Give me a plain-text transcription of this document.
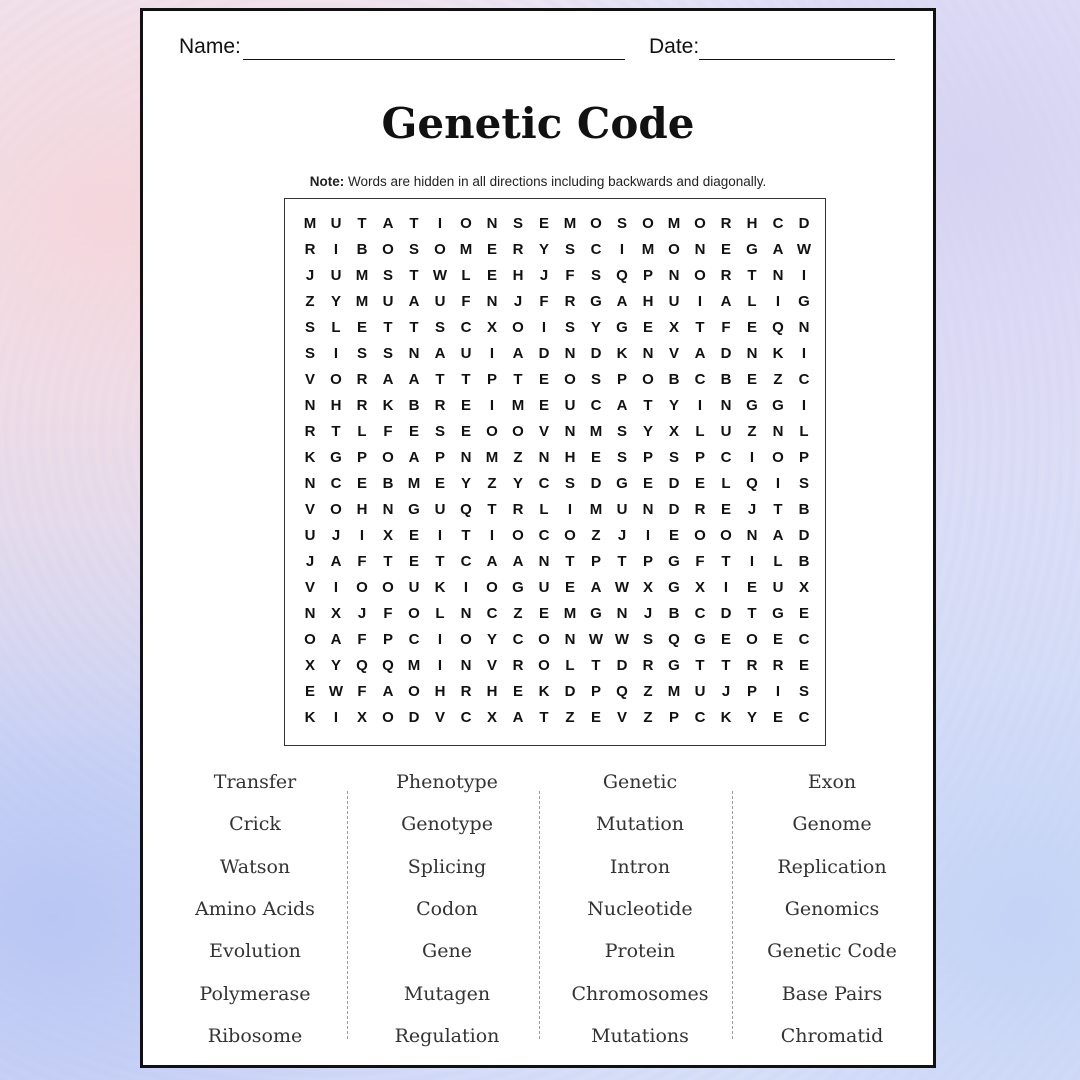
Name:	Date:
Genetic Code
Note: Words are hidden in all directions including backwards and diagonally.
M U	T	A	T	I	O N	S	E M O	S	O M O R	H	C	D
R	I	B O	S	O M E	R	Y	S	C	I	M O N	E	G A W
J	U M S	T W L	E	H	J	F	S	Q	P	N O R	T	N	I
Z	Y M U	A	U	F	N	J	F	R G A	H	U	I	A	L	I	G
S	L	E	T	T	S	C	X	O	I	S	Y	G	E	X	T	F	E	Q N
S	I	S	S	N	A	U	I	A	D	N	D	K	N	V	A	D	N	K	I
V	O R	A	A	T	T	P	T	E	O	S	P	O B	C	B	E	Z	C
N	H	R	K	B	R	E	I	M E	U	C	A	T	Y	I	N G G	I
R	T	L	F	E	S	E	O O	V	N M S	Y	X	L	U	Z	N	L
K G	P	O A	P	N M	Z	N	H	E	S	P	S	P	C	I	O	P
N	C	E	B M E	Y	Z	Y	C	S	D G	E	D	E	L	Q	I	S
V	O H	N G U Q	T	R	L	I	M U	N	D	R	E	J	T	B
U	J	I	X	E	I	T	I	O C O	Z	J	I	E	O O N	A	D
J	A	F	T	E	T	C	A	A	N	T	P	T	P	G	F	T	I	L	B
V	I	O O U	K	I	O G U	E	A W X	G	X	I	E	U	X
N	X	J	F	O	L	N	C	Z	E M G N	J	B	C	D	T	G	E
O A	F	P	C	I	O	Y	C O N W W S	Q G	E	O	E	C
X	Y	Q Q M	I	N	V	R O	L	T	D	R G	T	T	R	R	E
E W F	A O H	R	H	E	K	D	P	Q	Z	M U	J	P	I	S
K	I	X	O D	V	C	X	A	T	Z	E	V	Z	P	C	K	Y	E	C
Transfer
Crick
Watson
Amino Acids
Evolution
Polymerase
Ribosome
Phenotype
Genotype
Splicing
Codon
Gene
Mutagen
Regulation
Genetic
Mutation
Intron
Nucleotide
Protein
Chromosomes
Mutations
Exon
Genome
Replication
Genomics
Genetic Code
Base Pairs
Chromatid
